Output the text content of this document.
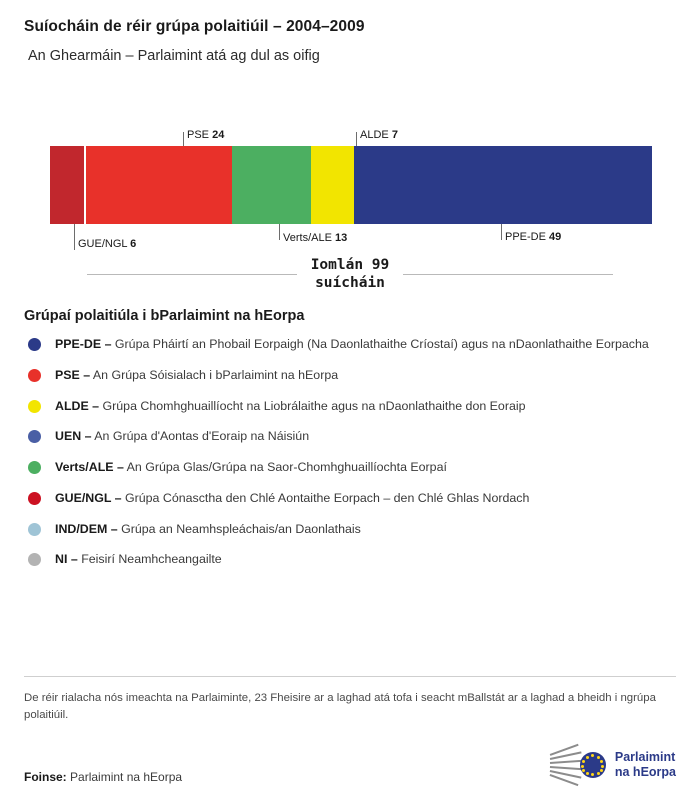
Suíocháin de réir grúpa polaitiúil – 2004–2009
An Ghearmáin – Parlaimint atá ag dul as oifig
PSE 24	ALDE 7
GUE/NGL 6	Verts/ALE 13	PPE-DE 49
Iomlán 99
suícháin
Grúpaí polaitiúla i bParlaimint na hEorpa
PPE-DE – Grúpa Pháirtí an Phobail Eorpaigh (Na Daonlathaithe Críostaí) agus na nDaonlathaithe Eorpacha
PSE – An Grúpa Sóisialach i bParlaimint na hEorpa
ALDE – Grúpa Chomhghuaillíocht na Liobrálaithe agus na nDaonlathaithe don Eoraip
UEN – An Grúpa d'Aontas d'Eoraip na Náisiún
Verts/ALE – An Grúpa Glas/Grúpa na Saor-Chomhghuaillíochta Eorpaí
GUE/NGL – Grúpa Cónasctha den Chlé Aontaithe Eorpach – den Chlé Ghlas Nordach
IND/DEM – Grúpa an Neamhspleáchais/an Daonlathais
NI – Feisirí Neamhcheangailte
De réir rialacha nós imeachta na Parlaiminte, 23 Fheisire ar a laghad atá tofa i seacht mBallstát ar a laghad a bheidh i ngrúpa polaitiúil.
Foinse: Parlaimint na hEorpa
Parlaimint
na hEorpa
